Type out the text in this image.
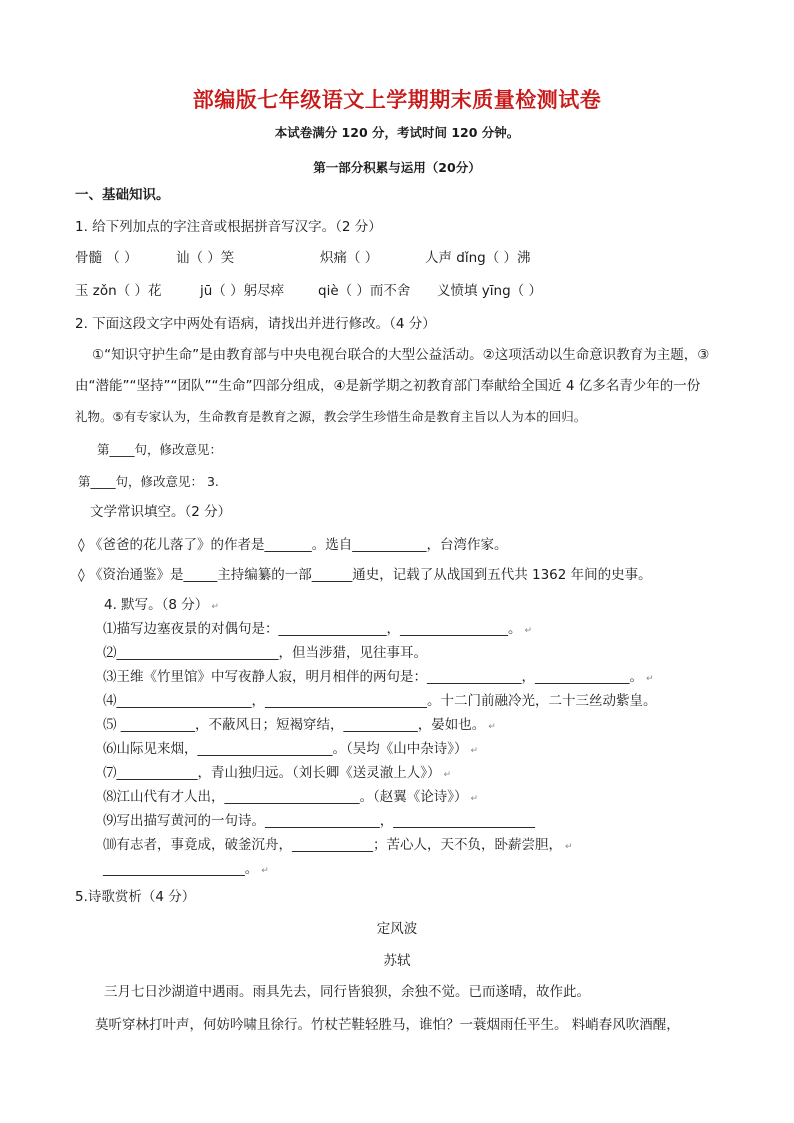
部编版七年级语文上学期期末质量检测试卷
本试卷满分 120 分，考试时间 120 分钟。
第一部分积累与运用（20分）
一、基础知识。
1. 给下列加点的字注音或根据拼音写汉字。（2 分）
骨髓 （ ）	讪（ ）笑	炽痛（ ）	人声 dǐng（ ）沸
玉 zǒn（ ）花	jū（ ）躬尽瘁	qiè（ ）而不舍 义愤填 yīng（ ）
2. 下面这段文字中两处有语病，请找出并进行修改。（4 分）
①“知识守护生命”是由教育部与中央电视台联合的大型公益活动。②这项活动以生命意识教育为主题，③
由“潜能”“坚持”“团队”“生命”四部分组成，④是新学期之初教育部门奉献给全国近 4 亿多名青少年的一份
礼物。⑤有专家认为，生命教育是教育之源，教会学生珍惜生命是教育主旨以人为本的回归。
第____句，修改意见：
第____句，修改意见： 3.
文学常识填空。（2 分）
◊ 《爸爸的花儿落了》的作者是_______。选自___________，台湾作家。
◊ 《资治通鉴》是_____主持编纂的一部______通史，记载了从战国到五代共 1362 年间的史事。
4. 默写。（8 分） ↵
⑴描写边塞夜景的对偶句是：________________，________________。 ↵
⑵________________________，但当涉猎，见往事耳。
⑶王维《竹里馆》中写夜静人寂，明月相伴的两句是：______________，______________。 ↵
⑷____________________，________________________。十二门前融冷光，二十三丝动紫皇。
⑸ ___________，不蔽风日；短褐穿结，___________，晏如也。 ↵
⑹山际见来烟，____________________。（吴均《山中杂诗》） ↵
⑺____________，青山独归远。（刘长卿《送灵澈上人》） ↵
⑻江山代有才人出，____________________。（赵翼《论诗》） ↵
⑼写出描写黄河的一句诗。_________________，_____________________
⑽有志者，事竟成，破釜沉舟，____________；苦心人，天不负，卧薪尝胆， ↵
_____________________。 ↵
5.诗歌赏析（4 分）
定风波
苏轼
三月七日沙湖道中遇雨。雨具先去，同行皆狼狈，余独不觉。已而遂晴，故作此。
莫听穿林打叶声，何妨吟啸且徐行。竹杖芒鞋轻胜马，谁怕？一蓑烟雨任平生。 料峭春风吹酒醒，
